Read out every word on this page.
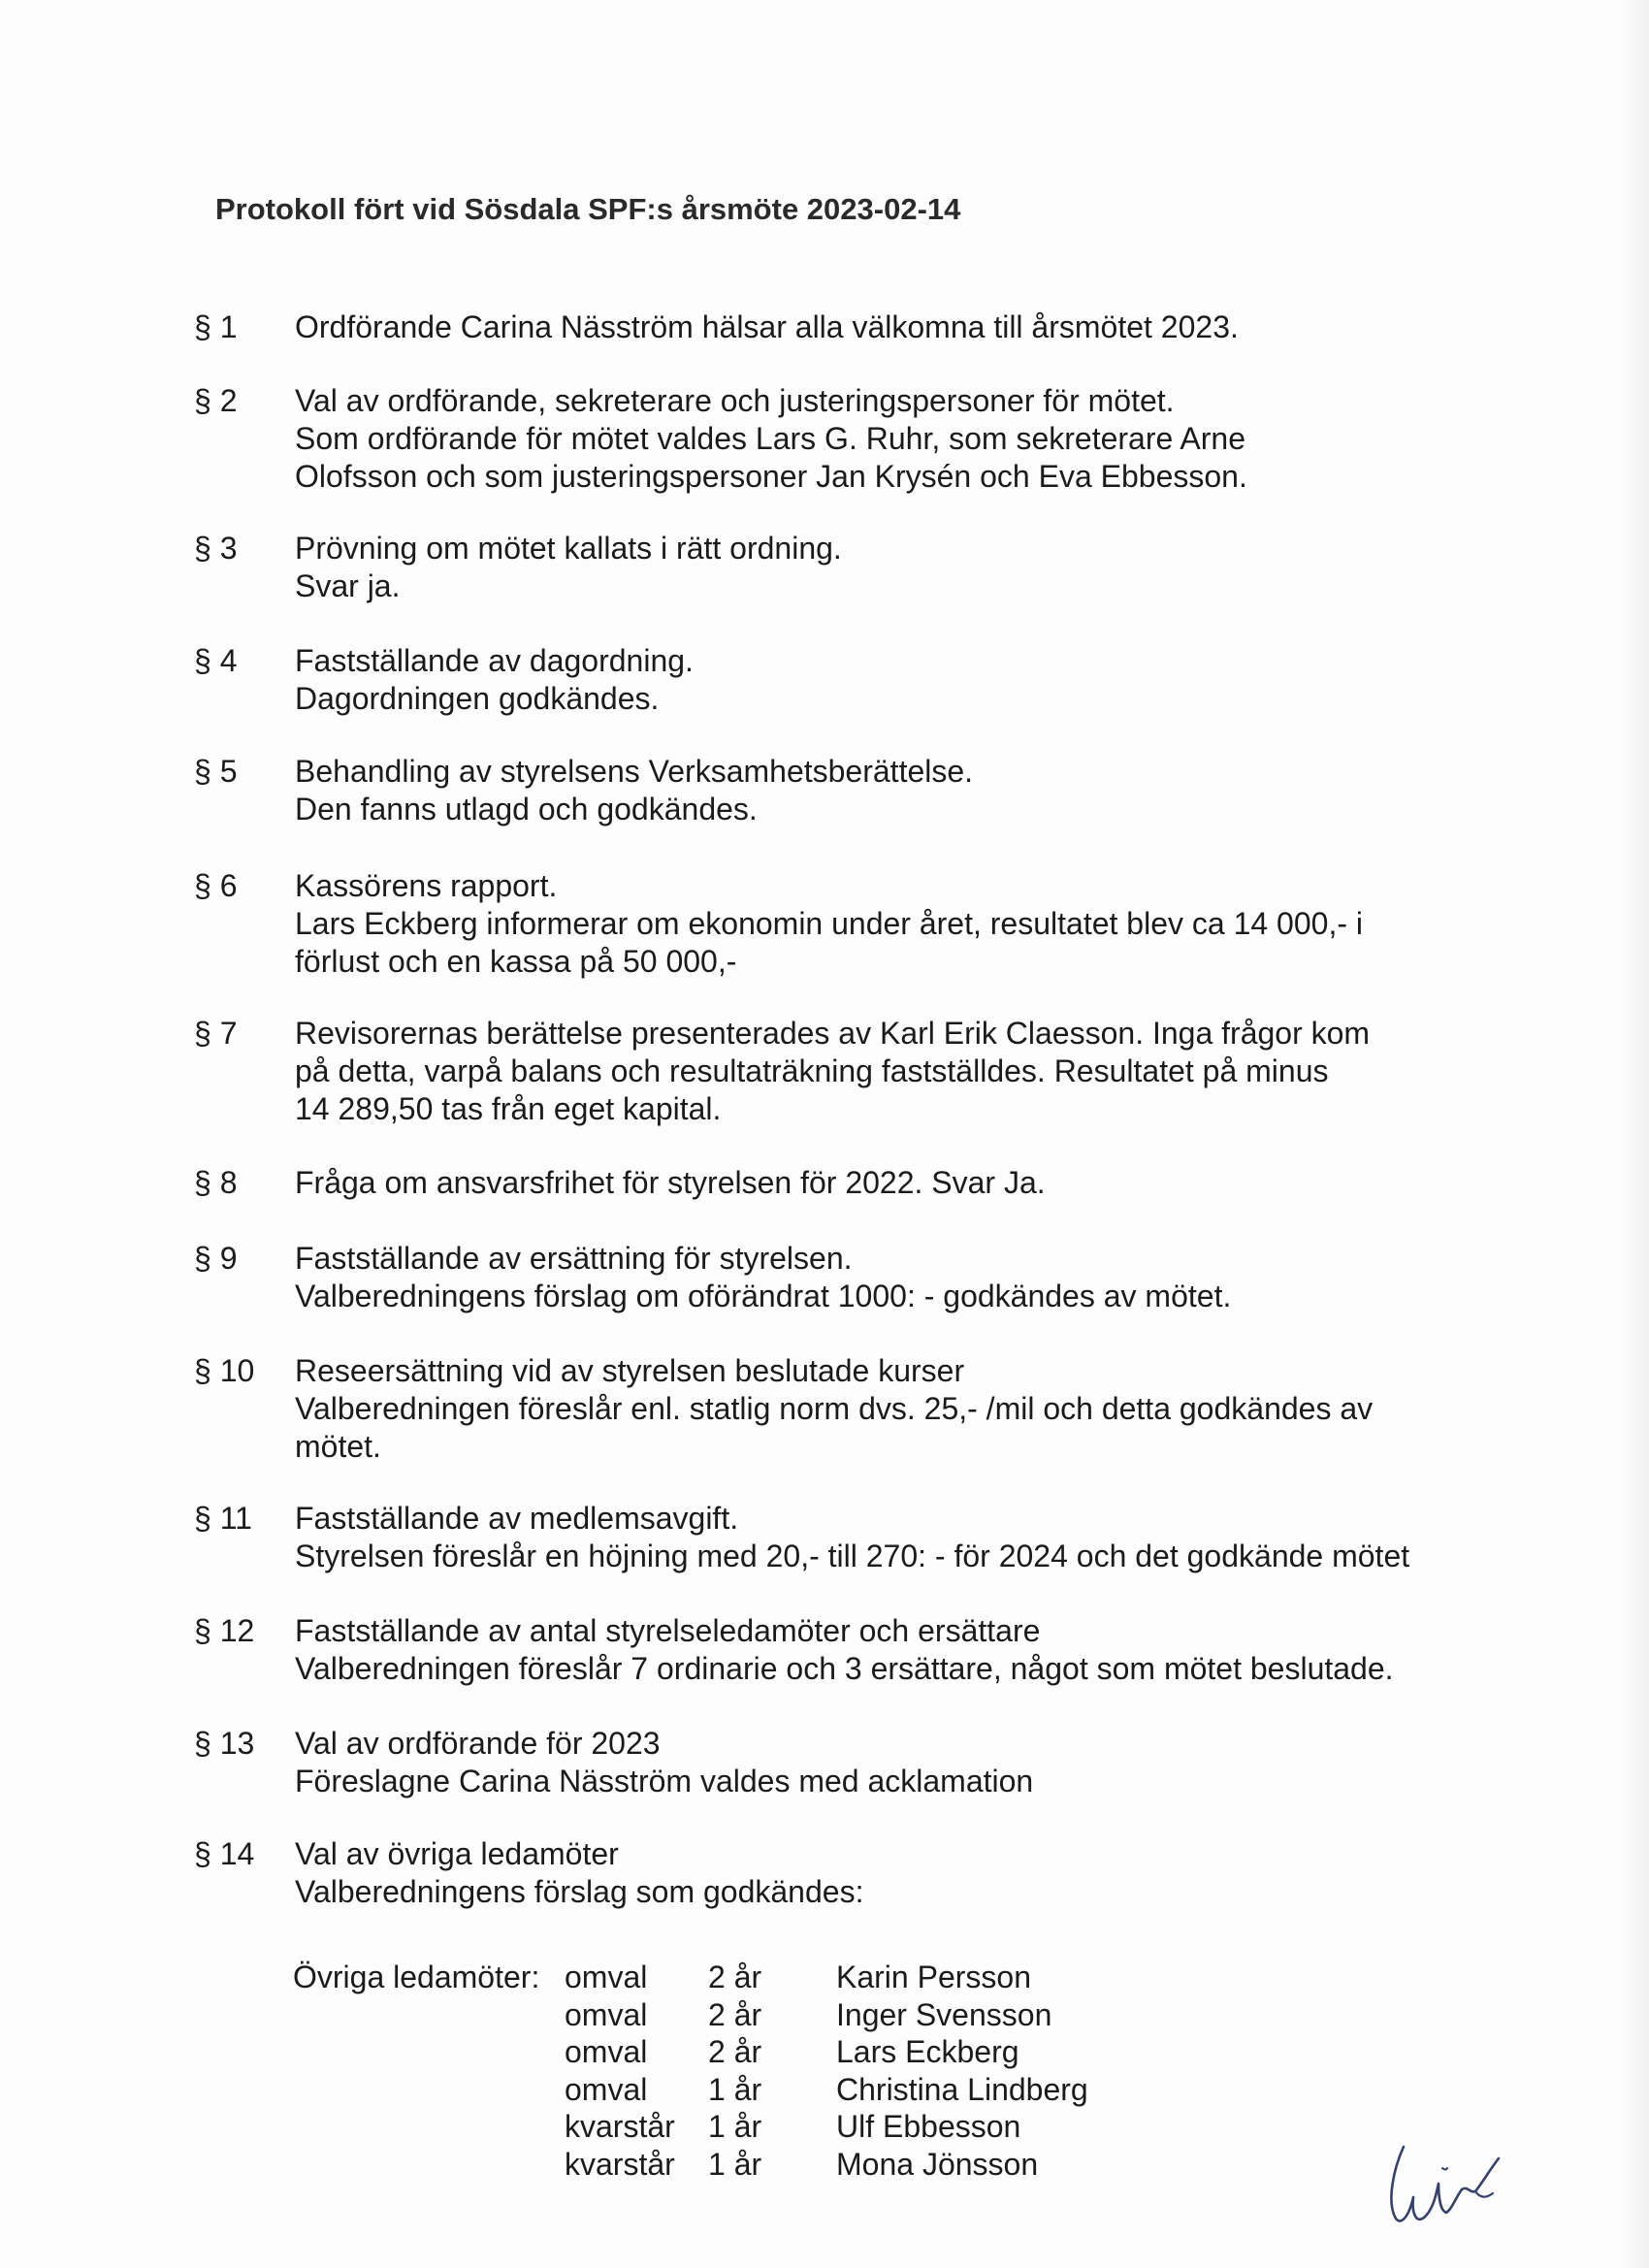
Protokoll fört vid Sösdala SPF:s årsmöte 2023-02-14
§ 1 Ordförande Carina Näsström hälsar alla välkomna till årsmötet 2023.
§ 2 Val av ordförande, sekreterare och justeringspersoner för mötet.
Som ordförande för mötet valdes Lars G. Ruhr, som sekreterare Arne
Olofsson och som justeringspersoner Jan Krysén och Eva Ebbesson.
§ 3 Prövning om mötet kallats i rätt ordning.
Svar ja.
§ 4 Fastställande av dagordning.
Dagordningen godkändes.
§ 5 Behandling av styrelsens Verksamhetsberättelse.
Den fanns utlagd och godkändes.
§ 6 Kassörens rapport.
Lars Eckberg informerar om ekonomin under året, resultatet blev ca 14 000,- i
förlust och en kassa på 50 000,-
§ 7 Revisorernas berättelse presenterades av Karl Erik Claesson. Inga frågor kom
på detta, varpå balans och resultaträkning fastställdes. Resultatet på minus
14 289,50 tas från eget kapital.
§ 8 Fråga om ansvarsfrihet för styrelsen för 2022. Svar Ja.
§ 9 Fastställande av ersättning för styrelsen.
Valberedningens förslag om oförändrat 1000: - godkändes av mötet.
§ 10 Reseersättning vid av styrelsen beslutade kurser
Valberedningen föreslår enl. statlig norm dvs. 25,- /mil och detta godkändes av
mötet.
§ 11 Fastställande av medlemsavgift.
Styrelsen föreslår en höjning med 20,- till 270: - för 2024 och det godkände mötet
§ 12 Fastställande av antal styrelseledamöter och ersättare
Valberedningen föreslår 7 ordinarie och 3 ersättare, något som mötet beslutade.
§ 13 Val av ordförande för 2023
Föreslagne Carina Näsström valdes med acklamation
§ 14 Val av övriga ledamöter
Valberedningens förslag som godkändes:
Övriga ledamöter: omval 2 år Karin Persson
omval 2 år Inger Svensson
omval 2 år Lars Eckberg
omval 1 år Christina Lindberg
kvarstår 1 år Ulf Ebbesson
kvarstår 1 år Mona Jönsson
